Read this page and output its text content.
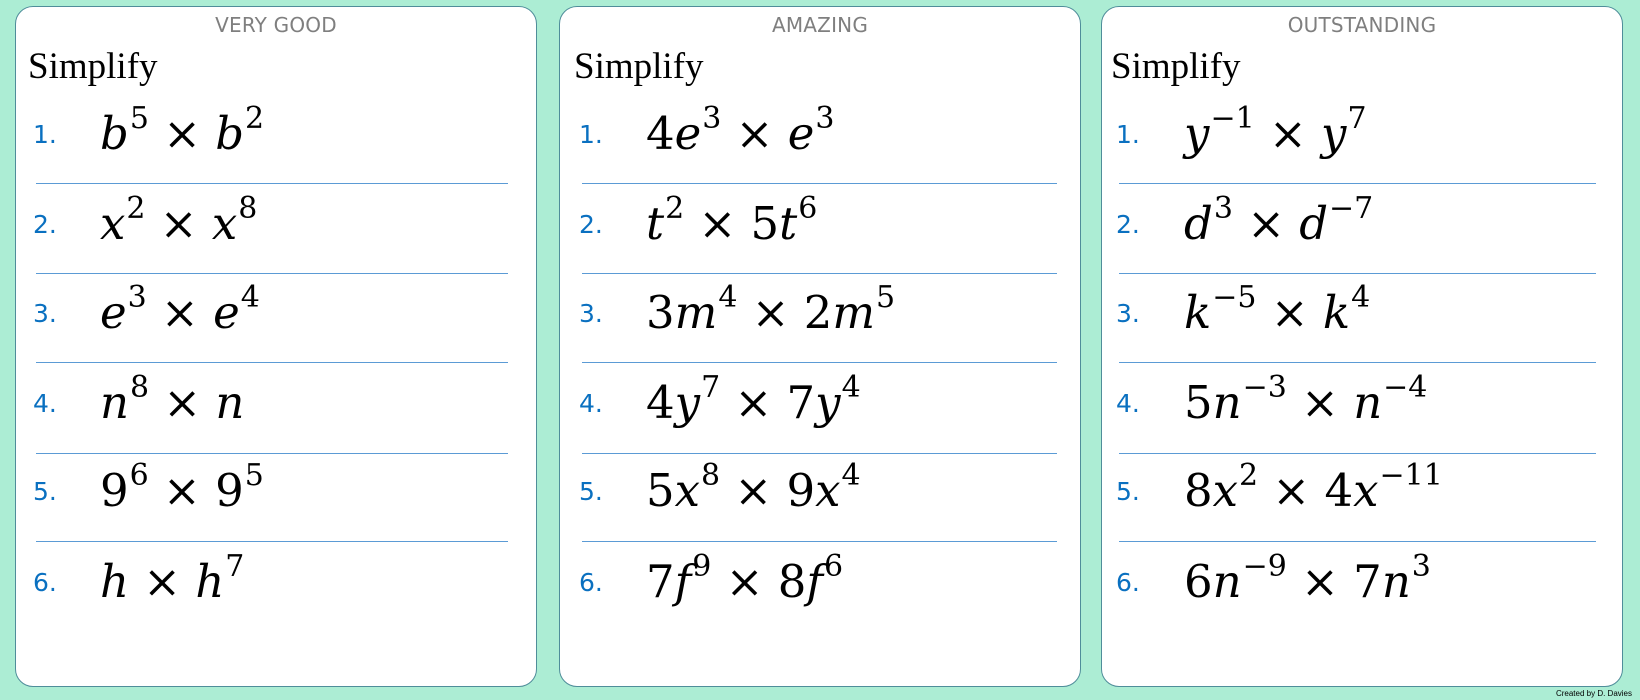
VERY GOOD
Simplify
1. $b^5 \times b^2$
2. $x^2 \times x^8$
3. $e^3 \times e^4$
4. $n^8 \times n$
5. $9^6 \times 9^5$
6. $h \times h^7$
AMAZING
Simplify
1. $4e^3 \times e^3$
2. $t^2 \times 5t^6$
3. $3m^4 \times 2m^5$
4. $4y^7 \times 7y^4$
5. $5x^8 \times 9x^4$
6. $7f^9 \times 8f^6$
OUTSTANDING
Simplify
1. $y^{-1} \times y^7$
2. $d^3 \times d^{-7}$
3. $k^{-5} \times k^4$
4. $5n^{-3} \times n^{-4}$
5. $8x^2 \times 4x^{-11}$
6. $6n^{-9} \times 7n^3$
Created by D. Davies
